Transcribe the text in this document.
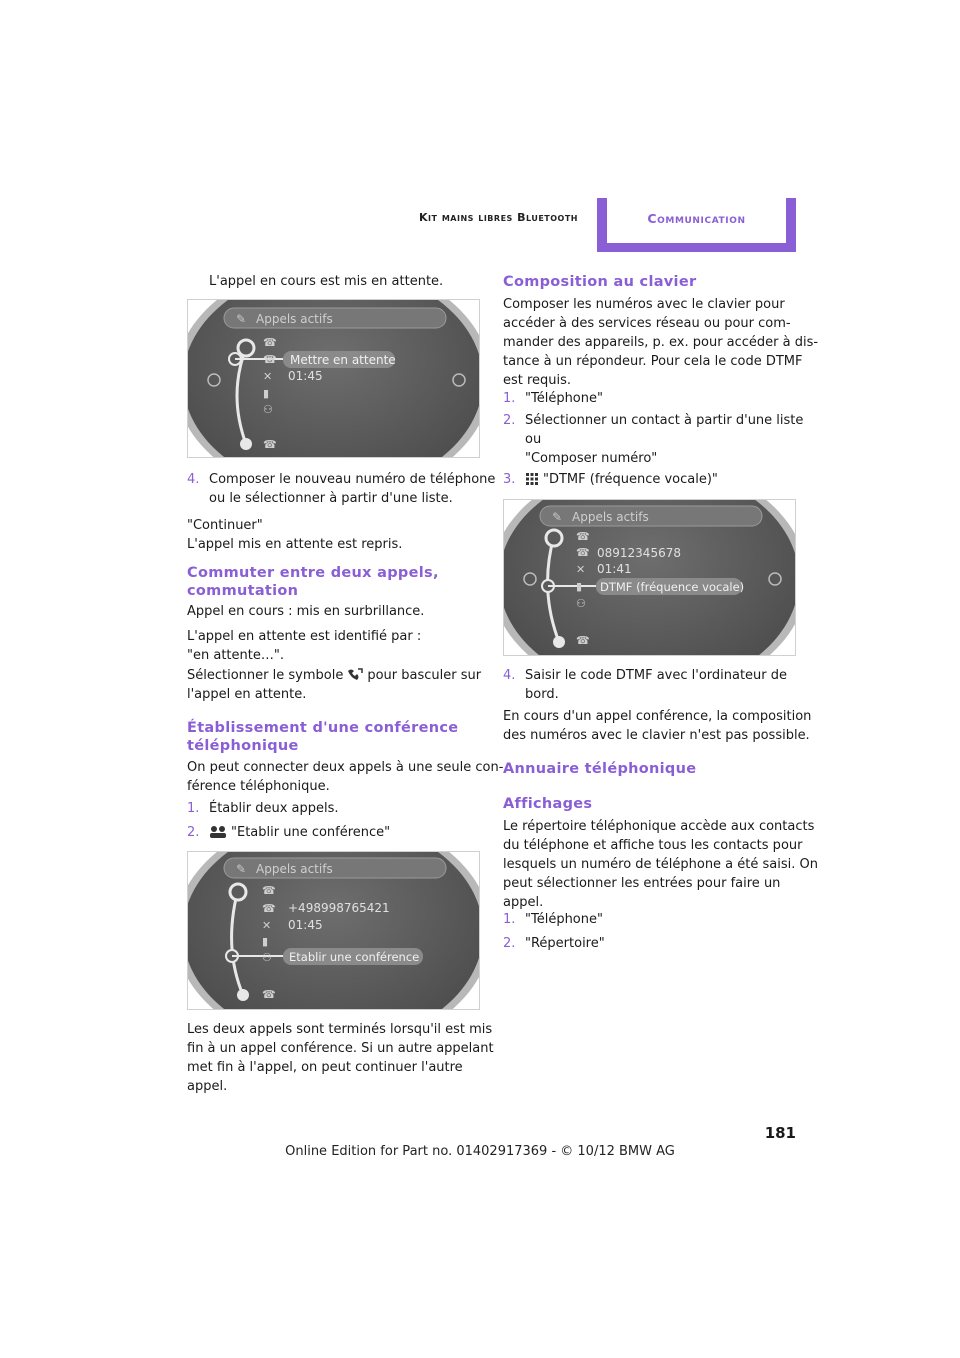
Kit mains libres Bluetooth	Communication
L'appel en cours est mis en attente.
✎ Appels actifs
Mettre en attente
01:45
☎
☎
✕
▮
⚇
☎
4. Composer le nouveau numéro de téléphone
ou le sélectionner à partir d'une liste.
"Continuer"
L'appel mis en attente est repris.
Commuter entre deux appels,
commutation
Appel en cours : mis en surbrillance.
L'appel en attente est identifié par :
"en attente…".
Sélectionner le symbole pour basculer sur
l'appel en attente.
Établissement d'une conférence
téléphonique
On peut connecter deux appels à une seule con-
férence téléphonique.
1. Établir deux appels.
2. "Etablir une conférence"
✎ Appels actifs
Etablir une conférence
+498998765421
01:45
☎
☎
✕
▮
⚇
☎
Les deux appels sont terminés lorsqu'il est mis
fin à un appel conférence. Si un autre appelant
met fin à l'appel, on peut continuer l'autre
appel.
Composition au clavier
Composer les numéros avec le clavier pour
accéder à des services réseau ou pour com-
mander des appareils, p. ex. pour accéder à dis-
tance à un répondeur. Pour cela le code DTMF
est requis.
1. "Téléphone"
2. Sélectionner un contact à partir d'une liste
ou
"Composer numéro"
3. "DTMF (fréquence vocale)"
✎ Appels actifs
DTMF (fréquence vocale)
08912345678
01:41
☎
☎
✕
▮
⚇
☎
4. Saisir le code DTMF avec l'ordinateur de
bord.
En cours d'un appel conférence, la composition
des numéros avec le clavier n'est pas possible.
Annuaire téléphonique
Affichages
Le répertoire téléphonique accède aux contacts
du téléphone et affiche tous les contacts pour
lesquels un numéro de téléphone a été saisi. On
peut sélectionner les entrées pour faire un
appel.
1. "Téléphone"
2. "Répertoire"
181
Online Edition for Part no. 01402917369 - © 10/12 BMW AG
